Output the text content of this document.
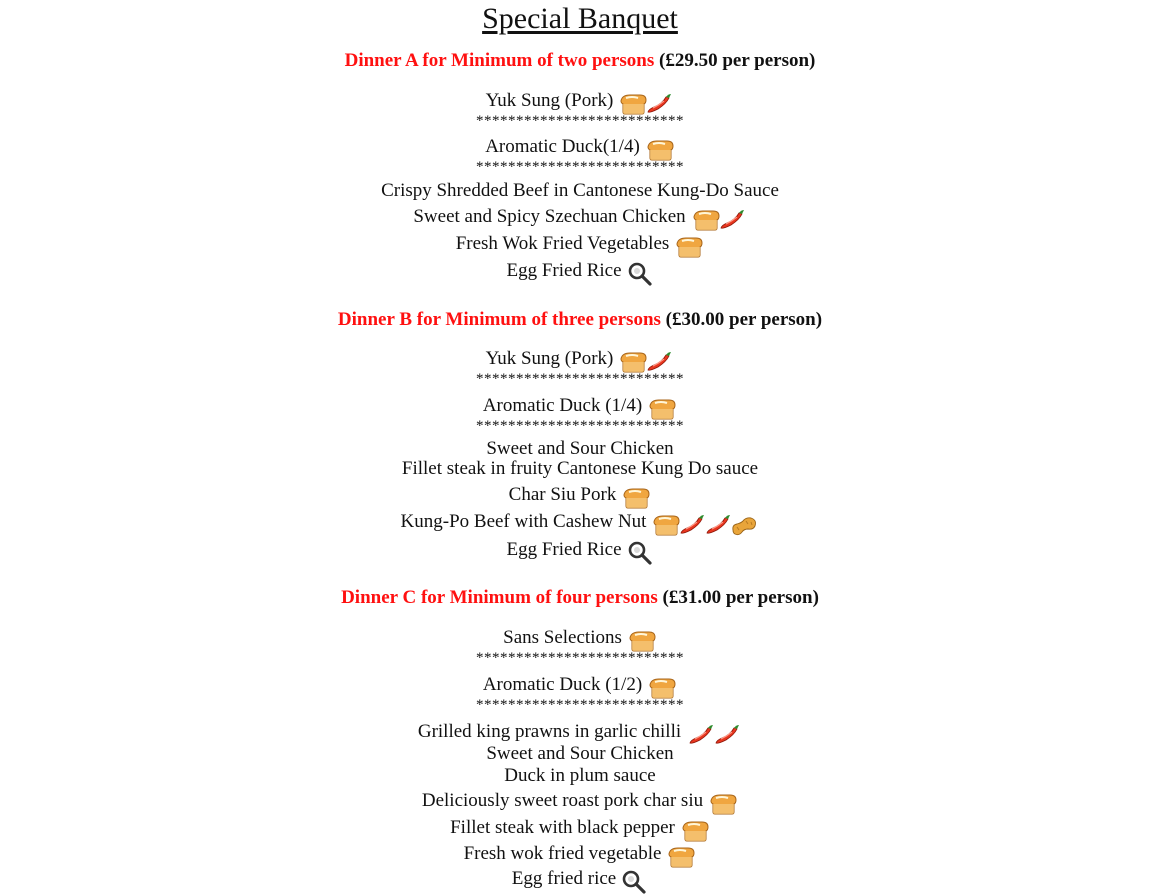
Special Banquet
Dinner A for Minimum of two persons (£29.50 per person)
Yuk Sung (Pork)
**************************
Aromatic Duck(1/4)
**************************
Crispy Shredded Beef in Cantonese Kung-Do Sauce
Sweet and Spicy Szechuan Chicken
Fresh Wok Fried Vegetables
Egg Fried Rice
Dinner B for Minimum of three persons (£30.00 per person)
Yuk Sung (Pork)
**************************
Aromatic Duck (1/4)
**************************
Sweet and Sour Chicken
Fillet steak in fruity Cantonese Kung Do sauce
Char Siu Pork
Kung-Po Beef with Cashew Nut
Egg Fried Rice
Dinner C for Minimum of four persons (£31.00 per person)
Sans Selections
**************************
Aromatic Duck (1/2)
**************************
Grilled king prawns in garlic chilli
Sweet and Sour Chicken
Duck in plum sauce
Deliciously sweet roast pork char siu
Fillet steak with black pepper
Fresh wok fried vegetable
Egg fried rice
